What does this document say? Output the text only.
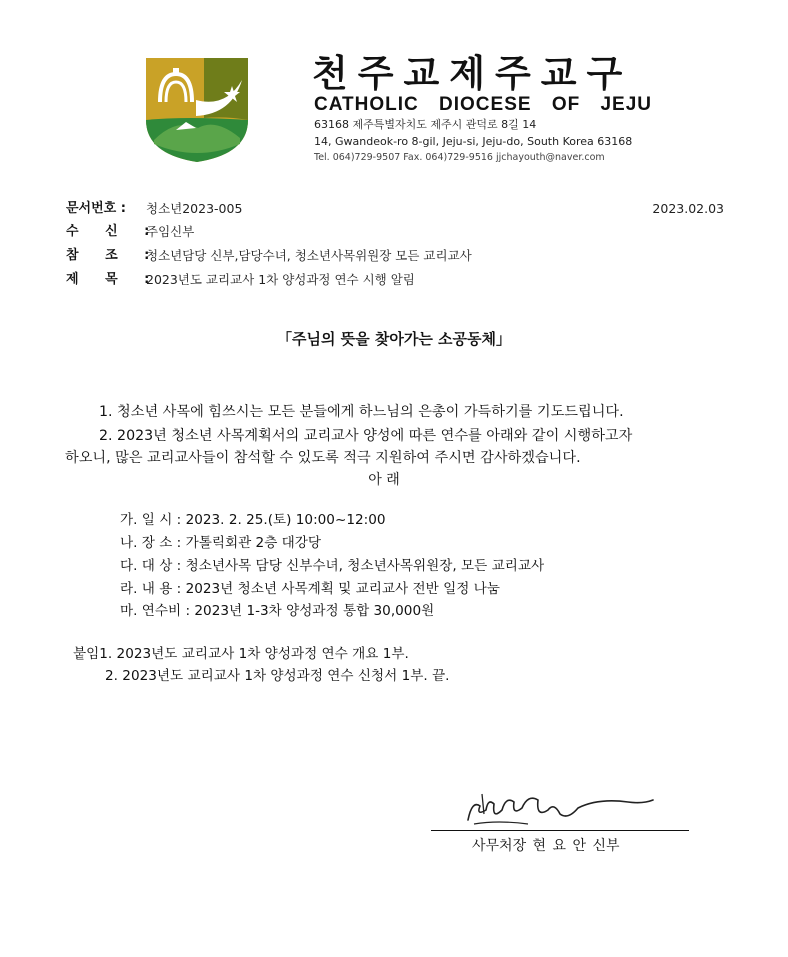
천주교제주교구
CATHOLIC DIOCESE OF JEJU
63168 제주특별자치도 제주시 관덕로 8길 14
14, Gwandeok-ro 8-gil, Jeju-si, Jeju-do, South Korea 63168
Tel. 064)729-9507 Fax. 064)729-9516 jjchayouth@naver.com
문서번호 : 청소년2023-005	2023.02.03
수 신 :
주임신부
참 조 :
청소년담당 신부,담당수녀, 청소년사목위원장 모든 교리교사
제 목 :
2023년도 교리교사 1차 양성과정 연수 시행 알림
「주님의 뜻을 찾아가는 소공동체」
1. 청소년 사목에 힘쓰시는 모든 분들에게 하느님의 은총이 가득하기를 기도드립니다.
2. 2023년 청소년 사목계획서의 교리교사 양성에 따른 연수를 아래와 같이 시행하고자
하오니, 많은 교리교사들이 참석할 수 있도록 적극 지원하여 주시면 감사하겠습니다.
아 래
가. 일 시 : 2023. 2. 25.(토) 10:00~12:00
나. 장 소 : 가톨릭회관 2층 대강당
다. 대 상 : 청소년사목 담당 신부수녀, 청소년사목위원장, 모든 교리교사
라. 내 용 : 2023년 청소년 사목계획 및 교리교사 전반 일정 나눔
마. 연수비 : 2023년 1-3차 양성과정 통합 30,000원
붙임1. 2023년도 교리교사 1차 양성과정 연수 개요 1부.
2. 2023년도 교리교사 1차 양성과정 연수 신청서 1부. 끝.
사무처장 현 요 안 신부
